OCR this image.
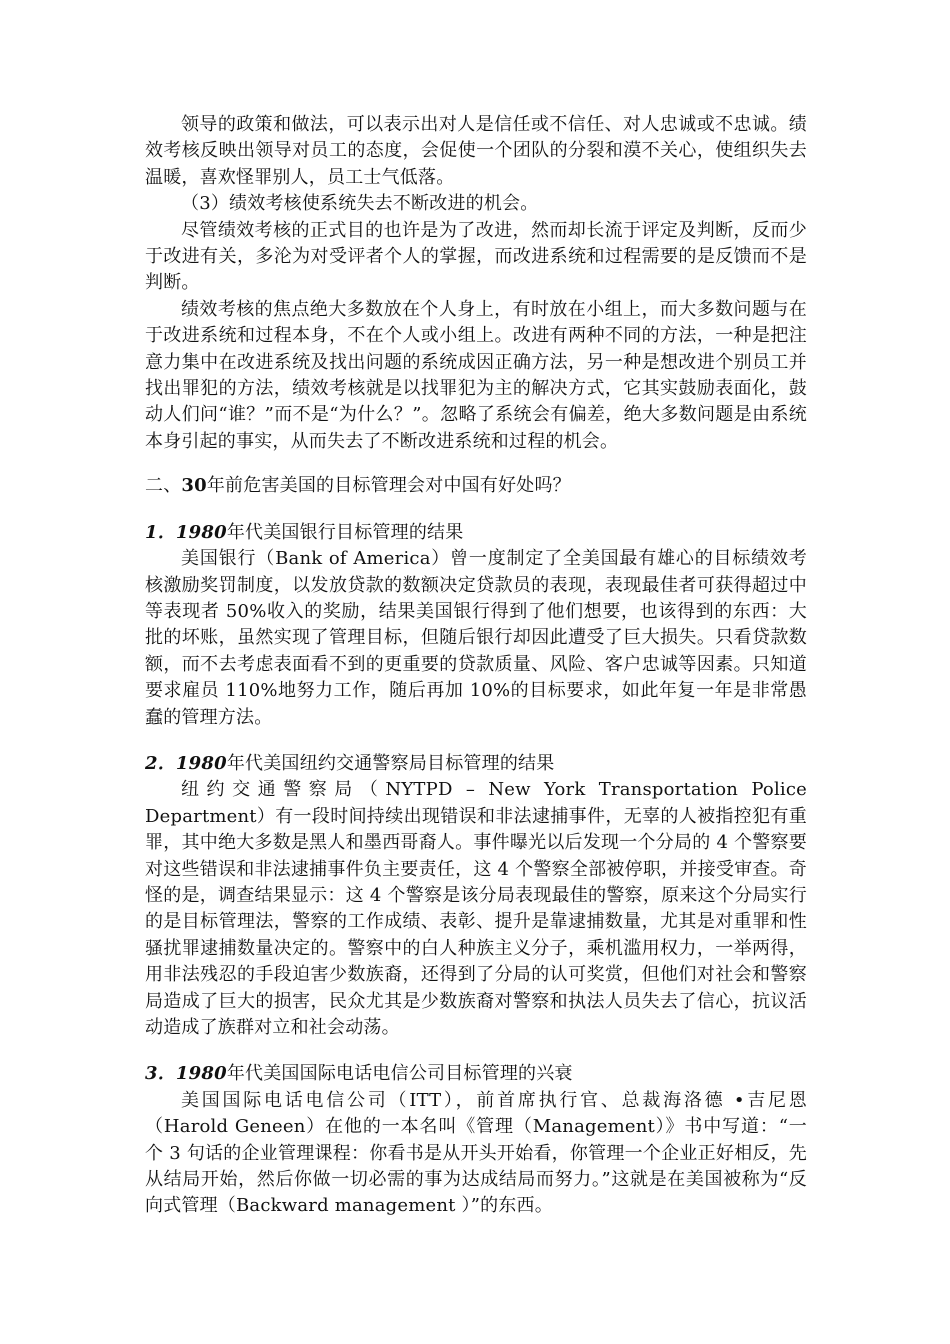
领导的政策和做法，可以表示出对人是信任或不信任、对人忠诚或不忠诚。绩效考核反映出领导对员工的态度，会促使一个团队的分裂和漠不关心，使组织失去温暖，喜欢怪罪别人，员工士气低落。

（3）绩效考核使系统失去不断改进的机会。

尽管绩效考核的正式目的也许是为了改进，然而却长流于评定及判断，反而少于改进有关，多沦为对受评者个人的掌握，而改进系统和过程需要的是反馈而不是判断。

绩效考核的焦点绝大多数放在个人身上，有时放在小组上，而大多数问题与在于改进系统和过程本身，不在个人或小组上。改进有两种不同的方法，一种是把注意力集中在改进系统及找出问题的系统成因正确方法，另一种是想改进个别员工并找出罪犯的方法，绩效考核就是以找罪犯为主的解决方式，它其实鼓励表面化，鼓动人们问“谁？”而不是“为什么？”。忽略了系统会有偏差，绝大多数问题是由系统本身引起的事实，从而失去了不断改进系统和过程的机会。

二、30年前危害美国的目标管理会对中国有好处吗？

1．1980年代美国银行目标管理的结果

美国银行（Bank of America）曾一度制定了全美国最有雄心的目标绩效考核激励奖罚制度，以发放贷款的数额决定贷款员的表现，表现最佳者可获得超过中等表现者 50%收入的奖励，结果美国银行得到了他们想要，也该得到的东西：大批的坏账，虽然实现了管理目标，但随后银行却因此遭受了巨大损失。只看贷款数额，而不去考虑表面看不到的更重要的贷款质量、风险、客户忠诚等因素。只知道要求雇员 110%地努力工作，随后再加 10%的目标要求，如此年复一年是非常愚蠢的管理方法。

2．1980年代美国纽约交通警察局目标管理的结果

纽约交通警察局（NYTPD – New York Transportation Police Department）有一段时间持续出现错误和非法逮捕事件，无辜的人被指控犯有重罪，其中绝大多数是黑人和墨西哥裔人。事件曝光以后发现一个分局的 4 个警察要对这些错误和非法逮捕事件负主要责任，这 4 个警察全部被停职，并接受审查。奇怪的是，调查结果显示：这 4 个警察是该分局表现最佳的警察，原来这个分局实行的是目标管理法，警察的工作成绩、表彰、提升是靠逮捕数量，尤其是对重罪和性骚扰罪逮捕数量决定的。警察中的白人种族主义分子，乘机滥用权力，一举两得，用非法残忍的手段迫害少数族裔，还得到了分局的认可奖赏，但他们对社会和警察局造成了巨大的损害，民众尤其是少数族裔对警察和执法人员失去了信心，抗议活动造成了族群对立和社会动荡。

3．1980年代美国国际电话电信公司目标管理的兴衰

美国国际电话电信公司（ITT），前首席执行官、总裁海洛德 •吉尼恩（Harold Geneen）在他的一本名叫《管理（Management）》书中写道：“一个 3 句话的企业管理课程：你看书是从开头开始看，你管理一个企业正好相反，先从结局开始，然后你做一切必需的事为达成结局而努力。”这就是在美国被称为“反向式管理（Backward management ）”的东西。
